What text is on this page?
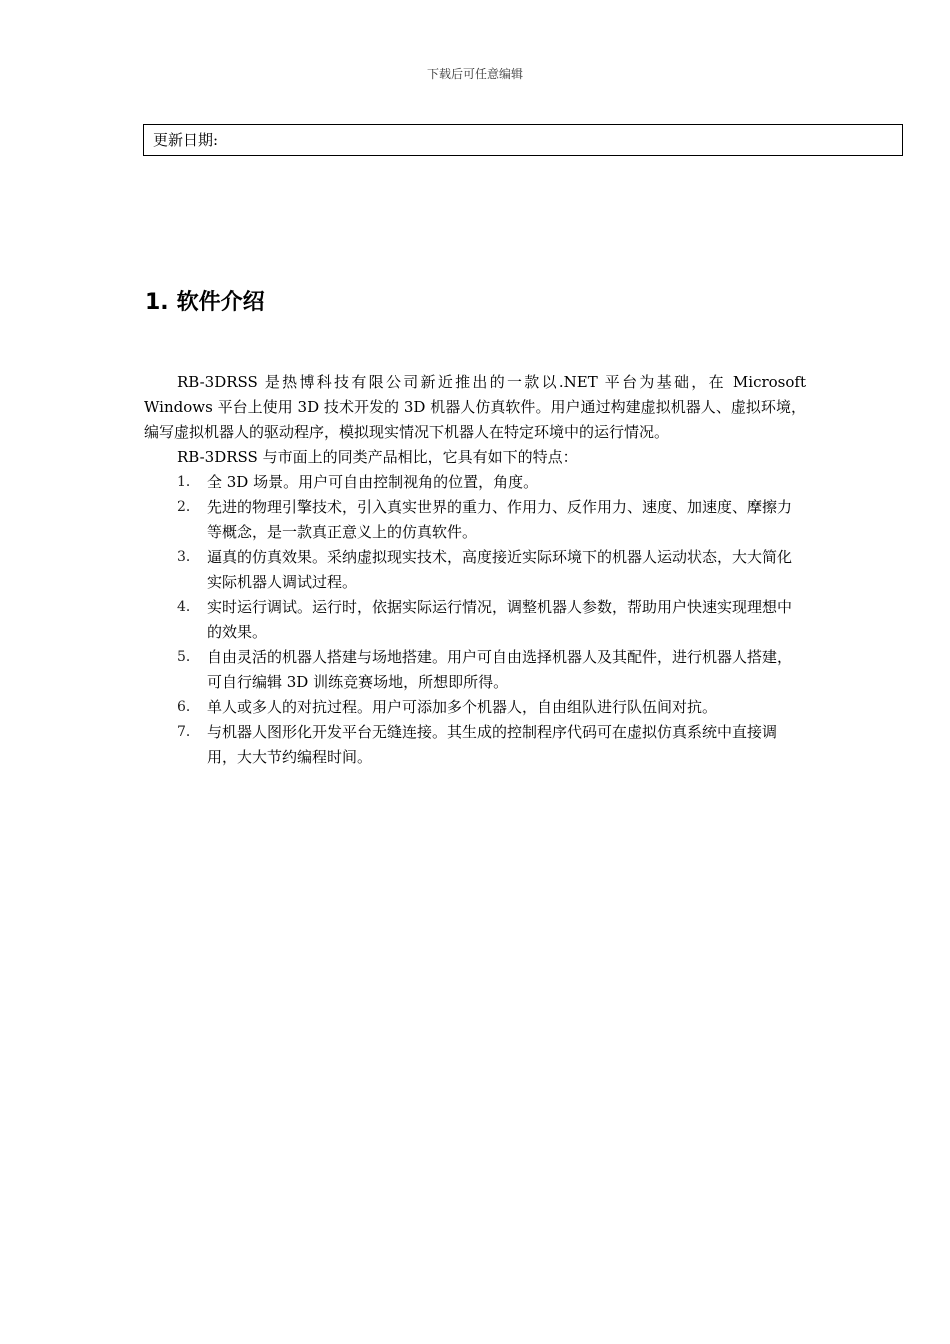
下载后可任意编辑
更新日期:
1. 软件介绍

RB-3DRSS 是热博科技有限公司新近推出的一款以.NET 平台为基础，在 Microsoft Windows 平台上使用 3D 技术开发的 3D 机器人仿真软件。用户通过构建虚拟机器人、虚拟环境，编写虚拟机器人的驱动程序，模拟现实情况下机器人在特定环境中的运行情况。

RB-3DRSS 与市面上的同类产品相比，它具有如下的特点：

1． 全 3D 场景。用户可自由控制视角的位置，角度。
2． 先进的物理引擎技术，引入真实世界的重力、作用力、反作用力、速度、加速度、摩擦力等概念，是一款真正意义上的仿真软件。
3． 逼真的仿真效果。采纳虚拟现实技术，高度接近实际环境下的机器人运动状态，大大简化实际机器人调试过程。
4． 实时运行调试。运行时，依据实际运行情况，调整机器人参数，帮助用户快速实现理想中的效果。
5． 自由灵活的机器人搭建与场地搭建。用户可自由选择机器人及其配件，进行机器人搭建，可自行编辑 3D 训练竞赛场地，所想即所得。
6． 单人或多人的对抗过程。用户可添加多个机器人，自由组队进行队伍间对抗。
7． 与机器人图形化开发平台无缝连接。其生成的控制程序代码可在虚拟仿真系统中直接调用，大大节约编程时间。
